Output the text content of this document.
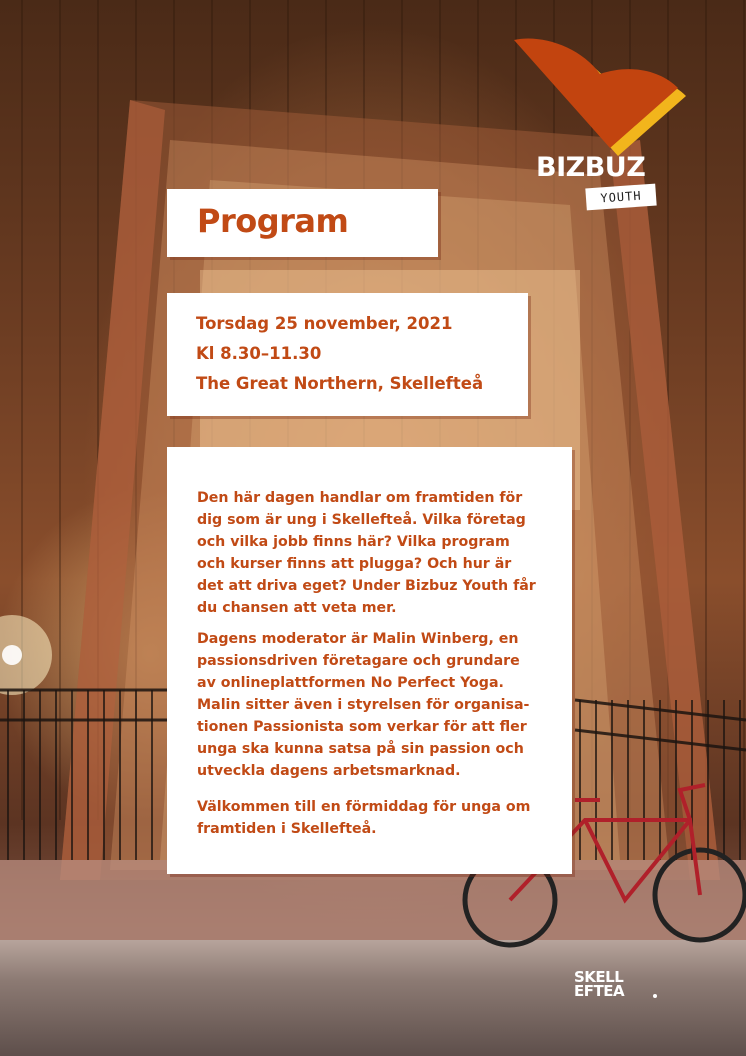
BIZBUZ
YOUTH
Program
Torsdag 25 november, 2021
Kl 8.30–11.30
The Great Northern, Skellefteå
Den här dagen handlar om framtiden för
dig som är ung i Skellefteå. Vilka företag
och vilka jobb finns här? Vilka program
och kurser finns att plugga? Och hur är
det att driva eget? Under Bizbuz Youth får
du chansen att veta mer.
Dagens moderator är Malin Winberg, en
passionsdriven företagare och grundare
av onlineplattformen No Perfect Yoga.
Malin sitter även i styrelsen för organisa-
tionen Passionista som verkar för att fler
unga ska kunna satsa på sin passion och
utveckla dagens arbetsmarknad.
Välkommen till en förmiddag för unga om
framtiden i Skellefteå.
SKELL
EFTEA
